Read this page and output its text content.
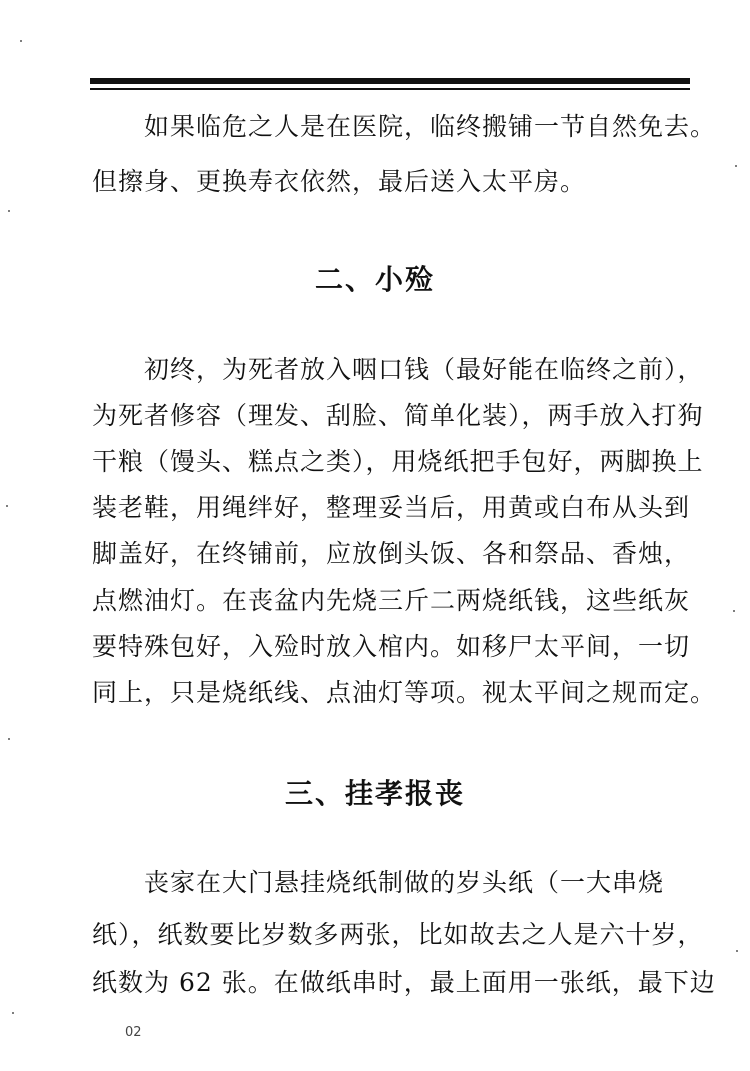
　　如果临危之人是在医院，临终搬铺一节自然免去。
但擦身、更换寿衣依然，最后送入太平房。
二、小殓
　　初终，为死者放入咽口钱（最好能在临终之前），
为死者修容（理发、刮脸、简单化装），两手放入打狗
干粮（馒头、糕点之类），用烧纸把手包好，两脚换上
装老鞋，用绳绊好，整理妥当后，用黄或白布从头到
脚盖好，在终铺前，应放倒头饭、各和祭品、香烛，
点燃油灯。在丧盆内先烧三斤二两烧纸钱，这些纸灰
要特殊包好，入殓时放入棺内。如移尸太平间，一切
同上，只是烧纸线、点油灯等项。视太平间之规而定。
三、挂孝报丧
　　丧家在大门悬挂烧纸制做的岁头纸（一大串烧
纸），纸数要比岁数多两张，比如故去之人是六十岁，
纸数为 62 张。在做纸串时，最上面用一张纸，最下边
02
